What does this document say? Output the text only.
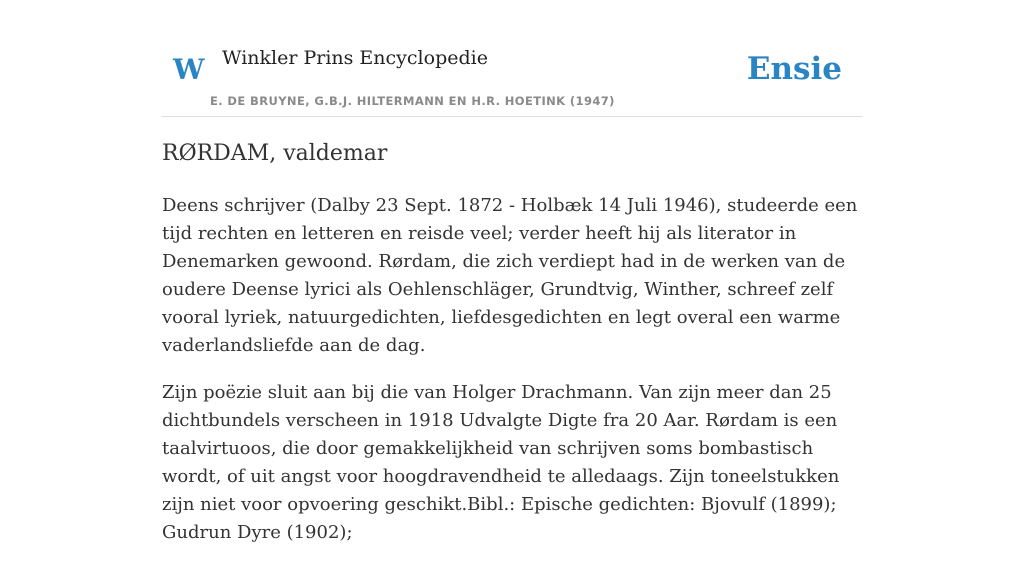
W Winkler Prins Encyclopedie
E. DE BRUYNE, G.B.J. HILTERMANN EN H.R. HOETINK (1947)
Ensie
RØRDAM, valdemar

Deens schrijver (Dalby 23 Sept. 1872 - Holbæk 14 Juli 1946), studeerde een tijd rechten en letteren en reisde veel; verder heeft hij als literator in Denemarken gewoond. Rørdam, die zich verdiept had in de werken van de oudere Deense lyrici als Oehlenschläger, Grundtvig, Winther, schreef zelf vooral lyriek, natuurgedichten, liefdesgedichten en legt overal een warme vaderlandsliefde aan de dag.

Zijn poëzie sluit aan bij die van Holger Drachmann. Van zijn meer dan 25 dichtbundels verscheen in 1918 Udvalgte Digte fra 20 Aar. Rørdam is een taalvirtuoos, die door gemakkelijkheid van schrijven soms bombastisch wordt, of uit angst voor hoogdravendheid te alledaags. Zijn toneelstukken zijn niet voor opvoering geschikt.Bibl.: Epische gedichten: Bjovulf (1899); Gudrun Dyre (1902);
